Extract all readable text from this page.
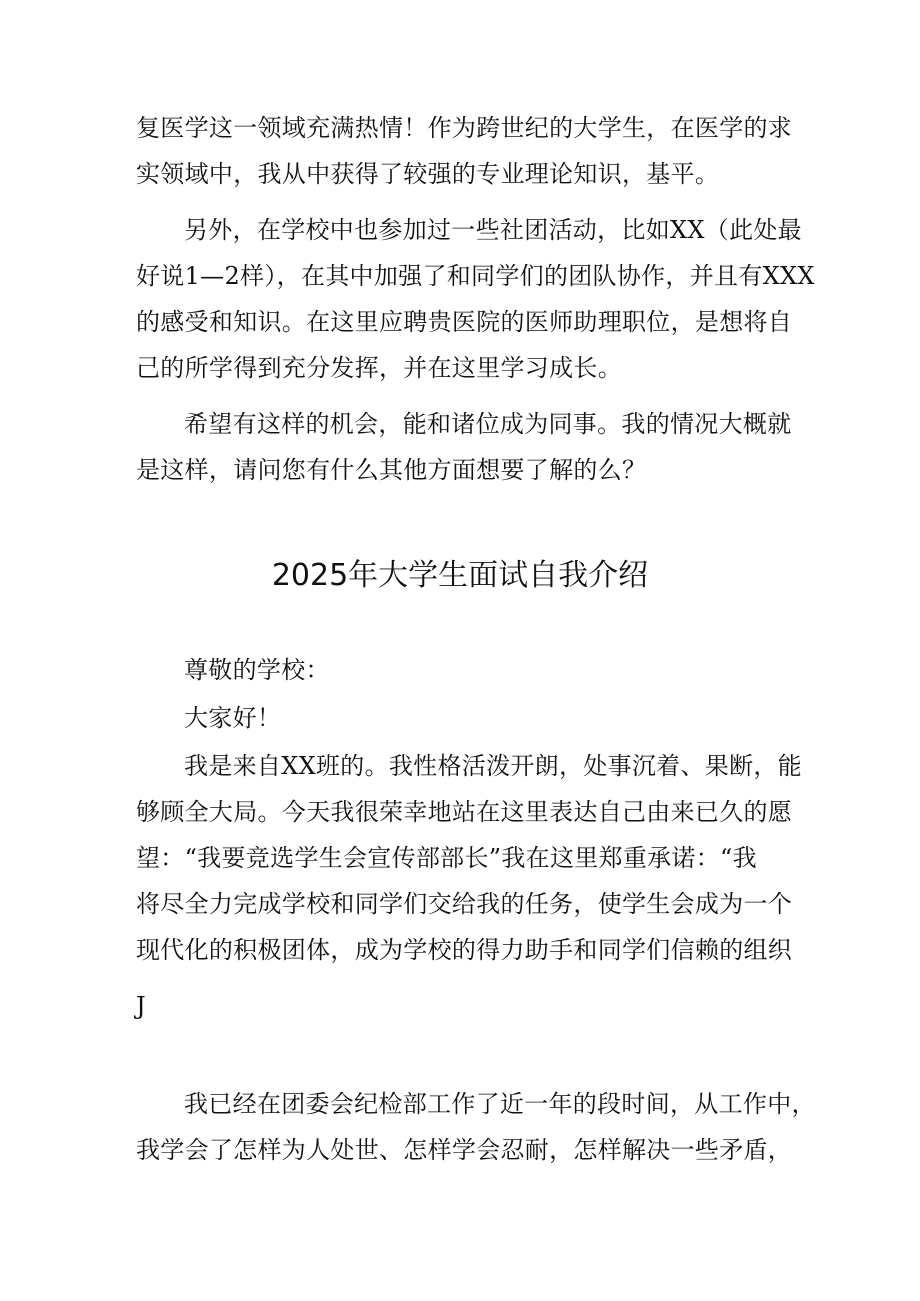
复医学这一领域充满热情！作为跨世纪的大学生，在医学的求
实领域中，我从中获得了较强的专业理论知识，基平。
另外，在学校中也参加过一些社团活动，比如XX（此处最
好说1—2样），在其中加强了和同学们的团队协作，并且有XXX
的感受和知识。在这里应聘贵医院的医师助理职位，是想将自
己的所学得到充分发挥，并在这里学习成长。
希望有这样的机会，能和诸位成为同事。我的情况大概就
是这样，请问您有什么其他方面想要了解的么？
2025年大学生面试自我介绍
尊敬的学校：
大家好！
我是来自XX班的。我性格活泼开朗，处事沉着、果断，能
够顾全大局。今天我很荣幸地站在这里表达自己由来已久的愿
望：“我要竞选学生会宣传部部长”我在这里郑重承诺：“我
将尽全力完成学校和同学们交给我的任务，使学生会成为一个
现代化的积极团体，成为学校的得力助手和同学们信赖的组织
J
我已经在团委会纪检部工作了近一年的段时间，从工作中，
我学会了怎样为人处世、怎样学会忍耐，怎样解决一些矛盾，
